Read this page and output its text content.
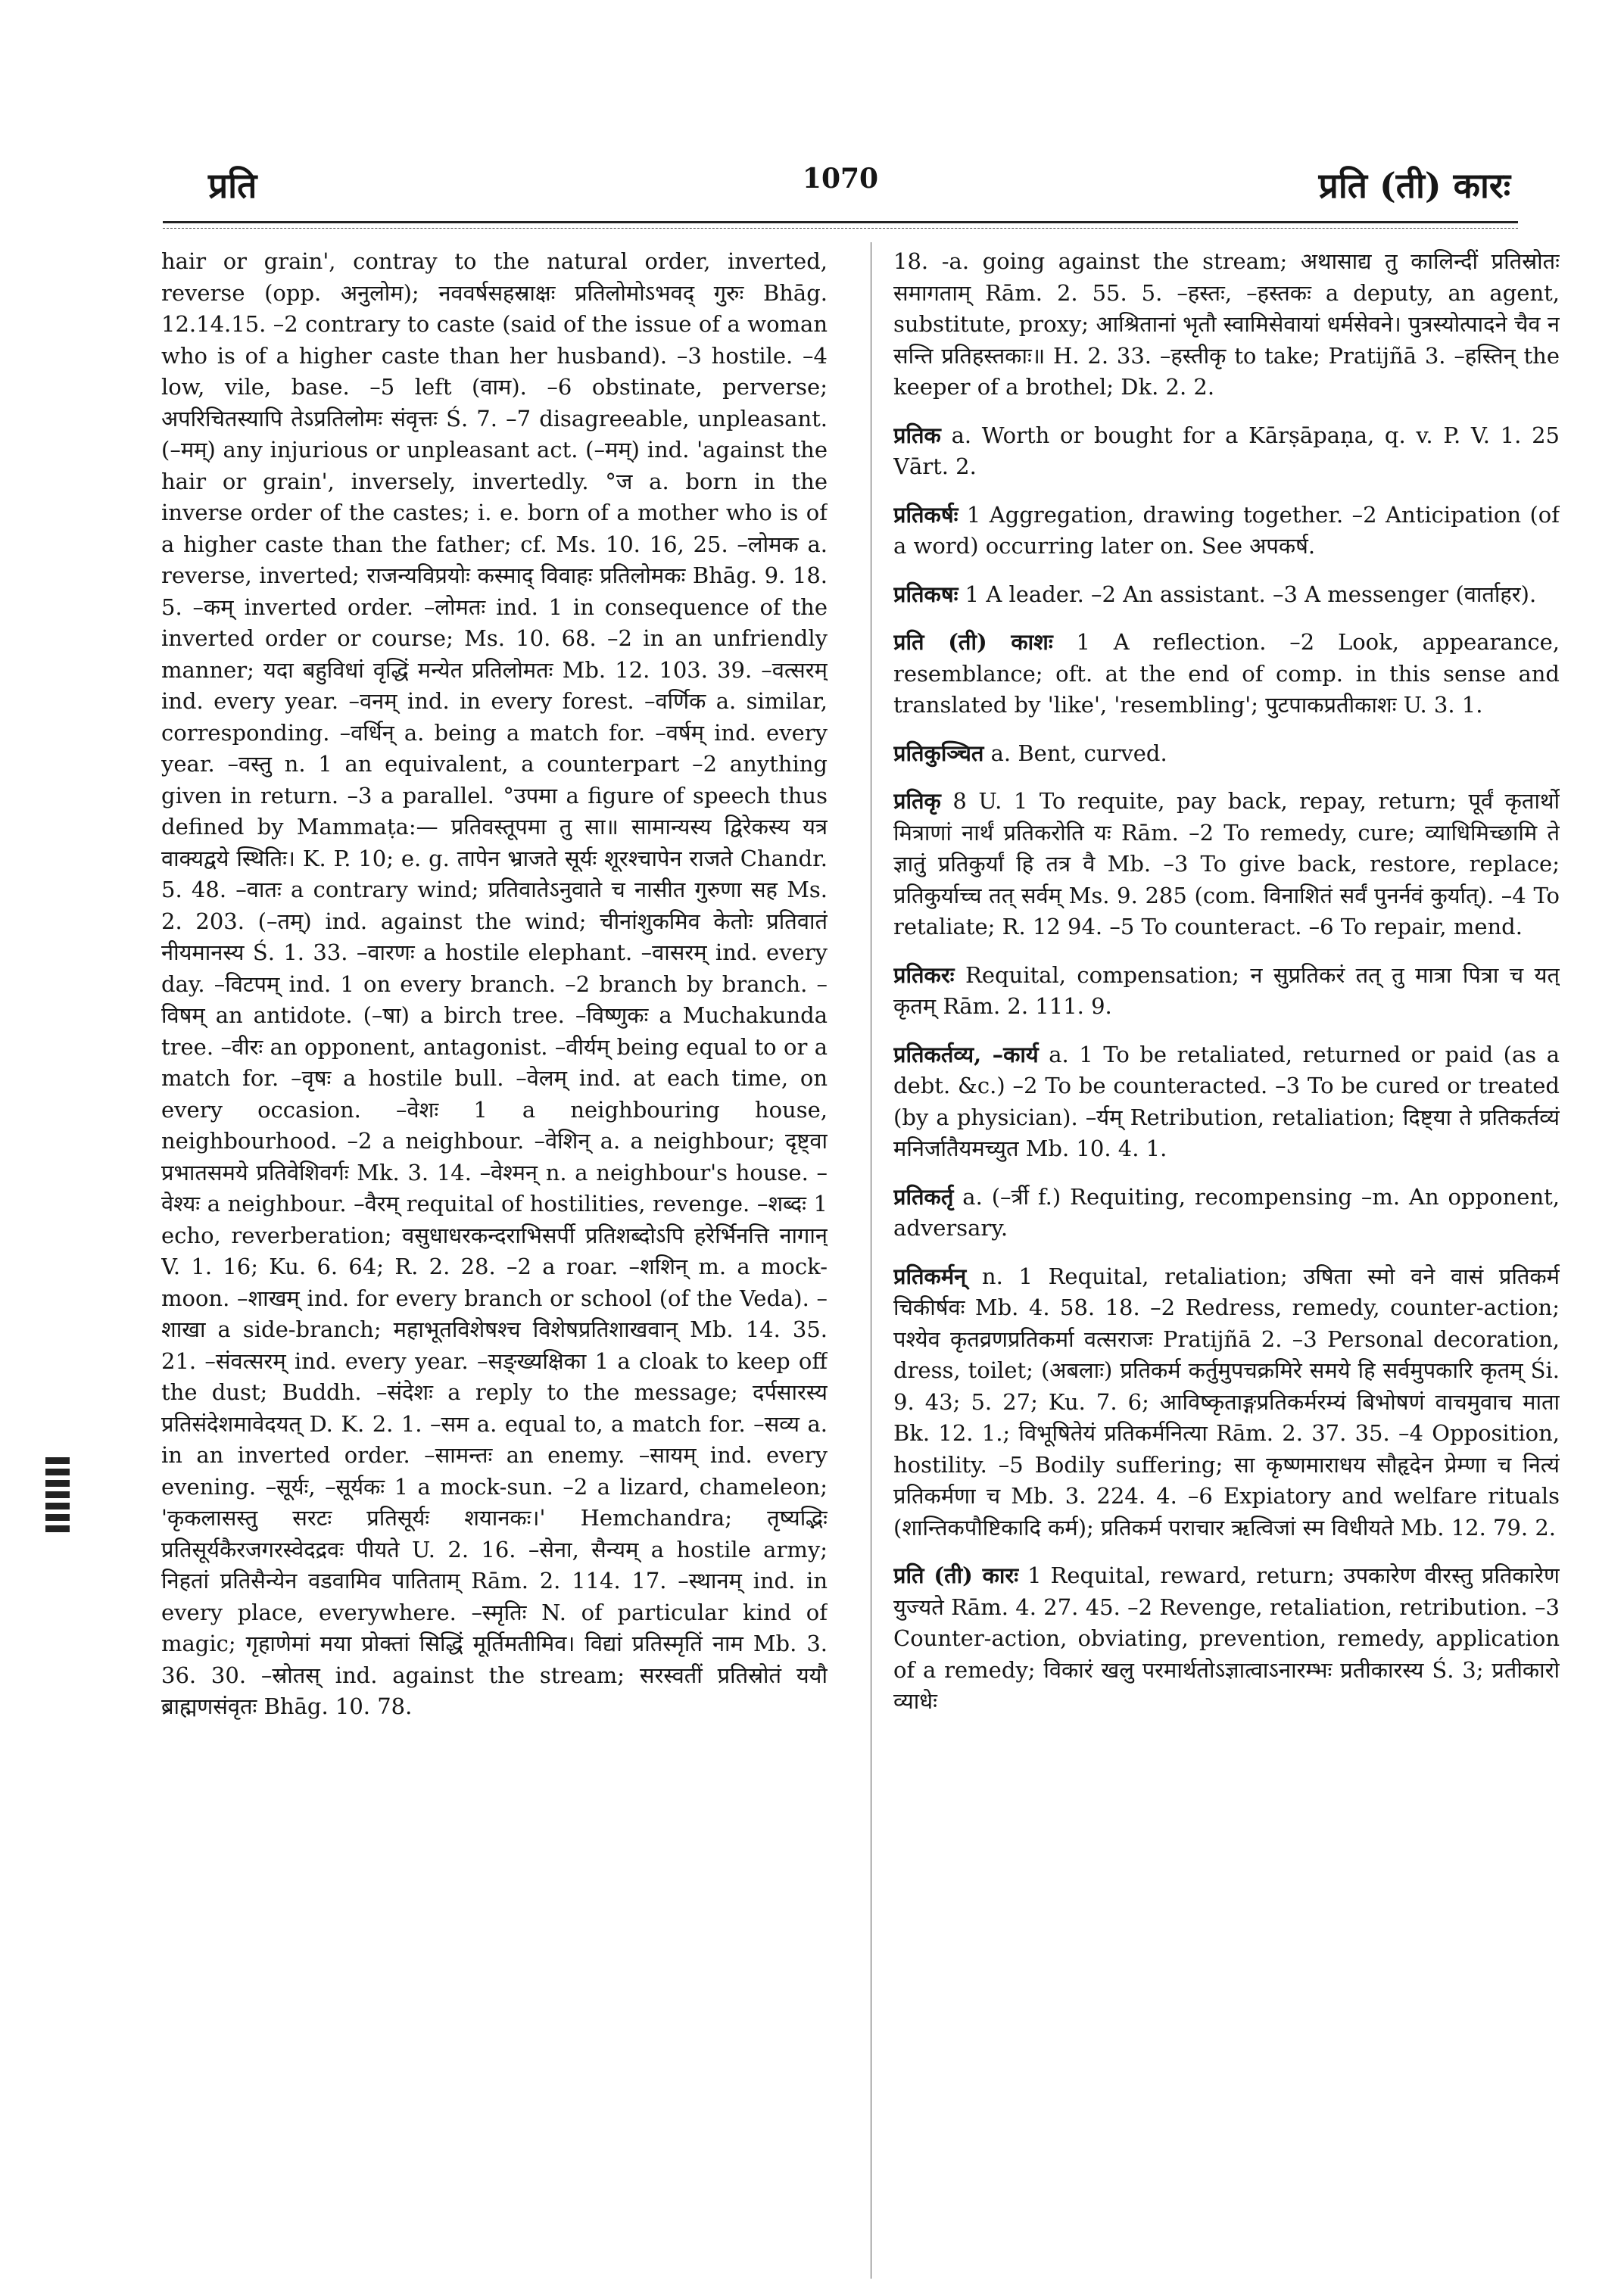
प्रति	1070	प्रति (ती) कारः

hair or grain', contray to the natural order, inverted, reverse (opp. अनुलोम); नववर्षसहस्राक्षः प्रतिलोमोऽभवद् गुरुः Bhāg. 12.14.15. –2 contrary to caste (said of the issue of a woman who is of a higher caste than her husband). –3 hostile. –4 low, vile, base. –5 left (वाम). –6 obstinate, perverse; अपरिचितस्यापि तेऽप्रतिलोमः संवृत्तः Ś. 7. –7 disagreeable, unpleasant. (–मम्) any injurious or unpleasant act. (–मम्) ind. 'against the hair or grain', inversely, invertedly. °ज a. born in the inverse order of the castes; i. e. born of a mother who is of a higher caste than the father; cf. Ms. 10. 16, 25. –लोमक a. reverse, inverted; राजन्यविप्रयोः कस्माद् विवाहः प्रतिलोमकः Bhāg. 9. 18. 5. –कम् inverted order. –लोमतः ind. 1 in consequence of the inverted order or course; Ms. 10. 68. –2 in an unfriendly manner; यदा बहुविधां वृद्धिं मन्येत प्रतिलोमतः Mb. 12. 103. 39. –वत्सरम् ind. every year. –वनम् ind. in every forest. –वर्णिक a. similar, corresponding. –वर्धिन् a. being a match for. –वर्षम् ind. every year. –वस्तु n. 1 an equivalent, a counterpart –2 anything given in return. –3 a parallel. °उपमा a figure of speech thus defined by Mammaṭa:— प्रतिवस्तूपमा तु सा॥ सामान्यस्य द्विरेकस्य यत्र वाक्यद्वये स्थितिः। K. P. 10; e. g. तापेन भ्राजते सूर्यः शूरश्चापेन राजते Chandr. 5. 48. –वातः a contrary wind; प्रतिवातेऽनुवाते च नासीत गुरुणा सह Ms. 2. 203. (–तम्) ind. against the wind; चीनांशुकमिव केतोः प्रतिवातं नीयमानस्य Ś. 1. 33. –वारणः a hostile elephant. –वासरम् ind. every day. –विटपम् ind. 1 on every branch. –2 branch by branch. –विषम् an antidote. (–षा) a birch tree. –विष्णुकः a Muchakunda tree. –वीरः an opponent, antagonist. –वीर्यम् being equal to or a match for. –वृषः a hostile bull. –वेलम् ind. at each time, on every occasion. –वेशः 1 a neighbouring house, neighbourhood. –2 a neighbour. –वेशिन् a. a neighbour; दृष्ट्वा प्रभातसमये प्रतिवेशिवर्गः Mk. 3. 14. –वेश्मन् n. a neighbour's house. –वेश्यः a neighbour. –वैरम् requital of hostilities, revenge. –शब्दः 1 echo, reverberation; वसुधाधरकन्दराभिसर्पी प्रतिशब्दोऽपि हरेर्भिनत्ति नागान् V. 1. 16; Ku. 6. 64; R. 2. 28. –2 a roar. –शशिन् m. a mock-moon. –शाखम् ind. for every branch or school (of the Veda). –शाखा a side-branch; महाभूतविशेषश्च विशेषप्रतिशाखवान् Mb. 14. 35. 21. –संवत्सरम् ind. every year. –सङ्ख्यक्षिका 1 a cloak to keep off the dust; Buddh. –संदेशः a reply to the message; दर्पसारस्य प्रतिसंदेशमावेदयत् D. K. 2. 1. –सम a. equal to, a match for. –सव्य a. in an inverted order. –सामन्तः an enemy. –सायम् ind. every evening. –सूर्यः, –सूर्यकः 1 a mock-sun. –2 a lizard, chameleon; 'कृकलासस्तु सरटः प्रतिसूर्यः शयानकः।' Hemchandra; तृष्यद्भिः प्रतिसूर्यकैरजगरस्वेदद्रवः पीयते U. 2. 16. –सेना, सैन्यम् a hostile army; निहतां प्रतिसैन्येन वडवामिव पातिताम् Rām. 2. 114. 17. –स्थानम् ind. in every place, everywhere. –स्मृतिः N. of particular kind of magic; गृहाणेमां मया प्रोक्तां सिद्धिं मूर्तिमतीमिव। विद्यां प्रतिस्मृतिं नाम Mb. 3. 36. 30. –स्रोतस् ind. against the stream; सरस्वतीं प्रतिस्रोतं ययौ ब्राह्मणसंवृतः Bhāg. 10. 78.

18. -a. going against the stream; अथासाद्य तु कालिन्दीं प्रतिस्रोतः समागताम् Rām. 2. 55. 5. –हस्तः, –हस्तकः a deputy, an agent, substitute, proxy; आश्रितानां भृतौ स्वामिसेवायां धर्मसेवने। पुत्रस्योत्पादने चैव न सन्ति प्रतिहस्तकाः॥ H. 2. 33. –हस्तीकृ to take; Pratijñā 3. –हस्तिन् the keeper of a brothel; Dk. 2. 2.

प्रतिक a. Worth or bought for a Kārṣāpaṇa, q. v. P. V. 1. 25 Vārt. 2.

प्रतिकर्षः 1 Aggregation, drawing together. –2 Anticipation (of a word) occurring later on. See अपकर्ष.

प्रतिकषः 1 A leader. –2 An assistant. –3 A messenger (वार्ताहर).

प्रति (ती) काशः 1 A reflection. –2 Look, appearance, resemblance; oft. at the end of comp. in this sense and translated by 'like', 'resembling'; पुटपाकप्रतीकाशः U. 3. 1.

प्रतिकुञ्चित a. Bent, curved.

प्रतिकृ 8 U. 1 To requite, pay back, repay, return; पूर्वं कृतार्थो मित्राणां नार्थं प्रतिकरोति यः Rām. –2 To remedy, cure; व्याधिमिच्छामि ते ज्ञातुं प्रतिकुर्यां हि तत्र वै Mb. –3 To give back, restore, replace; प्रतिकुर्याच्च तत् सर्वम् Ms. 9. 285 (com. विनाशितं सर्वं पुनर्नवं कुर्यात्). –4 To retaliate; R. 12 94. –5 To counteract. –6 To repair, mend.

प्रतिकरः Requital, compensation; न सुप्रतिकरं तत् तु मात्रा पित्रा च यत् कृतम् Rām. 2. 111. 9.

प्रतिकर्तव्य, –कार्य a. 1 To be retaliated, returned or paid (as a debt. &c.) –2 To be counteracted. –3 To be cured or treated (by a physician). –र्यम् Retribution, retaliation; दिष्ट्या ते प्रतिकर्तव्यं मनिर्जातैयमच्युत Mb. 10. 4. 1.

प्रतिकर्तृ a. (–र्त्री f.) Requiting, recompensing –m. An opponent, adversary.

प्रतिकर्मन् n. 1 Requital, retaliation; उषिता स्मो वने वासं प्रतिकर्म चिकीर्षवः Mb. 4. 58. 18. –2 Redress, remedy, counter-action; पश्येव कृतव्रणप्रतिकर्मा वत्सराजः Pratijñā 2. –3 Personal decoration, dress, toilet; (अबलाः) प्रतिकर्म कर्तुमुपचक्रमिरे समये हि सर्वमुपकारि कृतम् Śi. 9. 43; 5. 27; Ku. 7. 6; आविष्कृताङ्गप्रतिकर्मरम्यं बिभोषणं वाचमुवाच माता Bk. 12. 1.; विभूषितेयं प्रतिकर्मनित्या Rām. 2. 37. 35. –4 Opposition, hostility. –5 Bodily suffering; सा कृष्णमाराधय सौहृदेन प्रेम्णा च नित्यं प्रतिकर्मणा च Mb. 3. 224. 4. –6 Expiatory and welfare rituals (शान्तिकपौष्टिकादि कर्म); प्रतिकर्म पराचार ऋत्विजां स्म विधीयते Mb. 12. 79. 2.

प्रति (ती) कारः 1 Requital, reward, return; उपकारेण वीरस्तु प्रतिकारेण युज्यते Rām. 4. 27. 45. –2 Revenge, retaliation, retribution. –3 Counter-action, obviating, prevention, remedy, application of a remedy; विकारं खलु परमार्थतोऽज्ञात्वाऽनारम्भः प्रतीकारस्य Ś. 3; प्रतीकारो व्याधेः
